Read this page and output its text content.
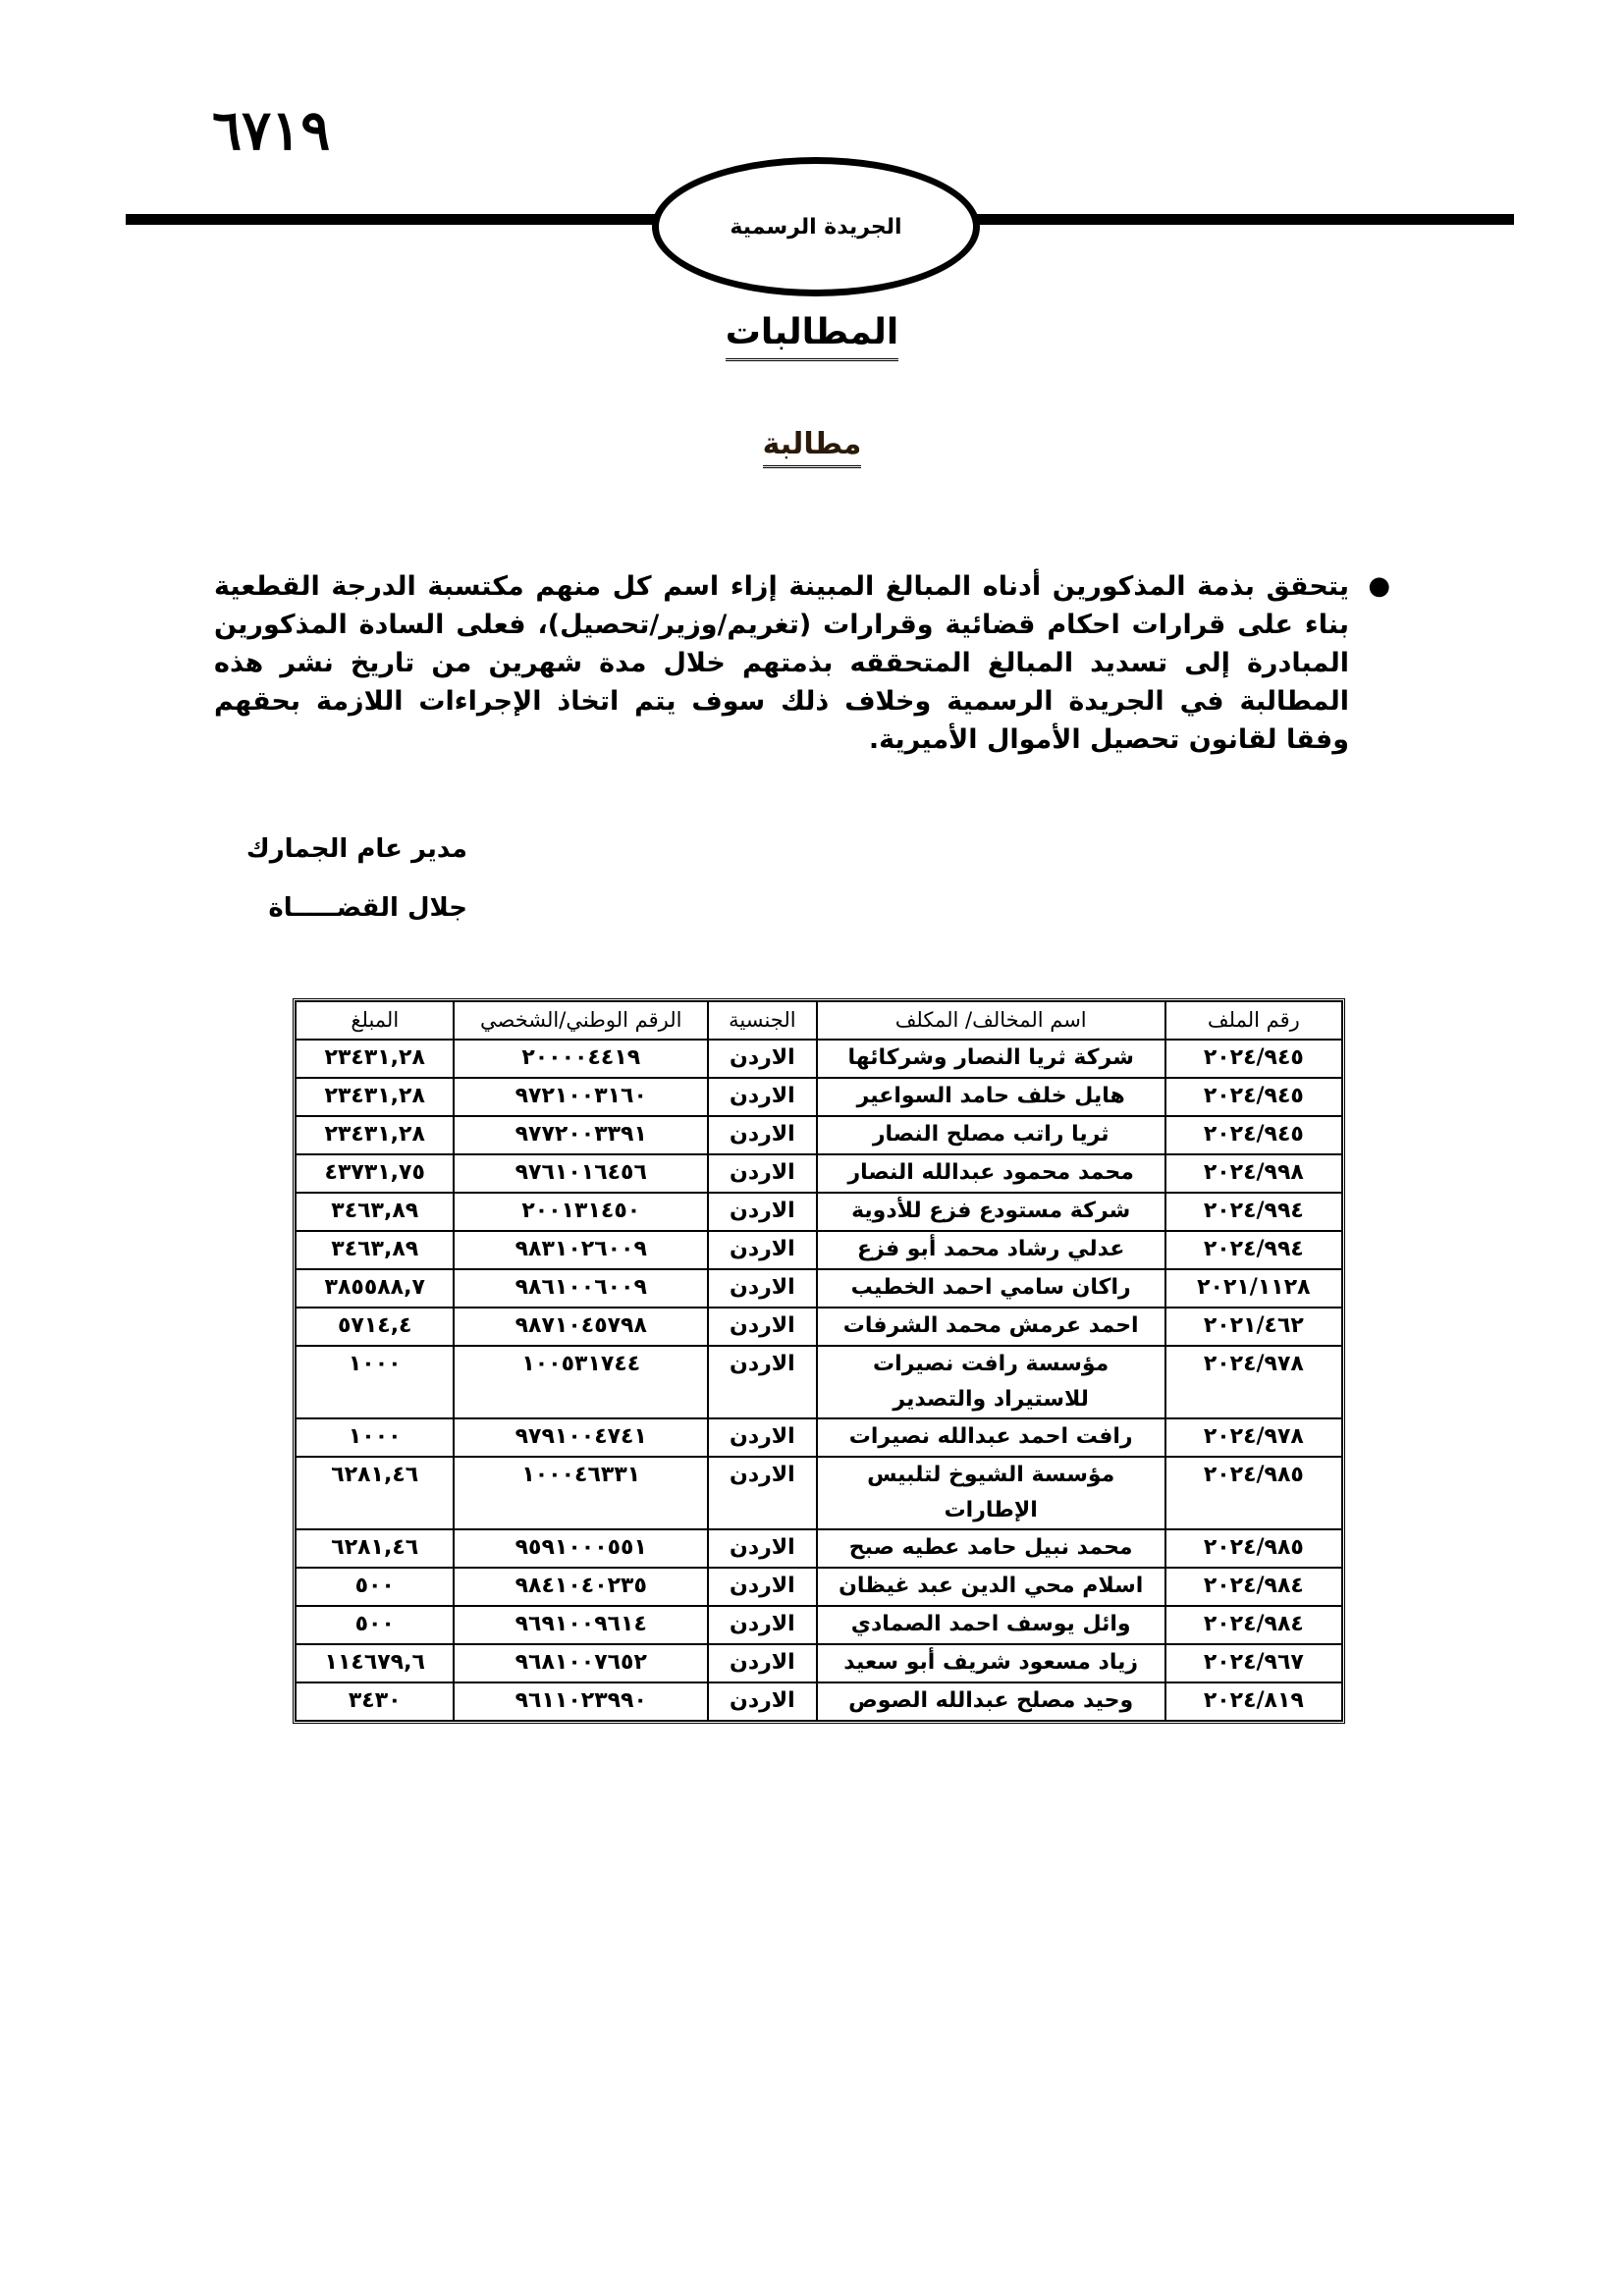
٦٧١٩
الجريدة الرسمية
المطالبات
مطالبة
●
يتحقق بذمة المذكورين أدناه المبالغ المبينة إزاء اسم كل منهم مكتسبة الدرجة القطعية بناء على قرارات احكام قضائية وقرارات (تغريم/وزير/تحصيل)، فعلى السادة المذكورين المبادرة إلى تسديد المبالغ المتحققه بذمتهم خلال مدة شهرين من تاريخ نشر هذه المطالبة في الجريدة الرسمية وخلاف ذلك سوف يتم اتخاذ الإجراءات اللازمة بحقهم وفقا لقانون تحصيل الأموال الأميرية.
مدير عام الجمارك
جلال القضـــــاة
رقم الملف	اسم المخالف/ المكلف	الجنسية	الرقم الوطني/الشخصي	المبلغ
٢٠٢٤/٩٤٥	شركة ثريا النصار وشركائها	الاردن	٢٠٠٠٠٤٤١٩	٢٣٤٣١,٢٨
٢٠٢٤/٩٤٥	هايل خلف حامد السواعير	الاردن	٩٧٢١٠٠٣١٦٠	٢٣٤٣١,٢٨
٢٠٢٤/٩٤٥	ثريا راتب مصلح النصار	الاردن	٩٧٧٢٠٠٣٣٩١	٢٣٤٣١,٢٨
٢٠٢٤/٩٩٨	محمد محمود عبدالله النصار	الاردن	٩٧٦١٠١٦٤٥٦	٤٣٧٣١,٧٥
٢٠٢٤/٩٩٤	شركة مستودع فزع للأدوية	الاردن	٢٠٠١٣١٤٥٠	٣٤٦٣,٨٩
٢٠٢٤/٩٩٤	عدلي رشاد محمد أبو فزع	الاردن	٩٨٣١٠٢٦٠٠٩	٣٤٦٣,٨٩
٢٠٢١/١١٢٨	راكان سامي احمد الخطيب	الاردن	٩٨٦١٠٠٦٠٠٩	٣٨٥٥٨٨,٧
٢٠٢١/٤٦٢	احمد عرمش محمد الشرفات	الاردن	٩٨٧١٠٤٥٧٩٨	٥٧١٤,٤
٢٠٢٤/٩٧٨	مؤسسة رافت نصيرات للاستيراد والتصدير	الاردن	١٠٠٥٣١٧٤٤	١٠٠٠
٢٠٢٤/٩٧٨	رافت احمد عبدالله نصيرات	الاردن	٩٧٩١٠٠٤٧٤١	١٠٠٠
٢٠٢٤/٩٨٥	مؤسسة الشيوخ لتلبيس الإطارات	الاردن	١٠٠٠٤٦٣٣١	٦٢٨١,٤٦
٢٠٢٤/٩٨٥	محمد نبيل حامد عطيه صبح	الاردن	٩٥٩١٠٠٠٥٥١	٦٢٨١,٤٦
٢٠٢٤/٩٨٤	اسلام محي الدين عبد غيظان	الاردن	٩٨٤١٠٤٠٢٣٥	٥٠٠
٢٠٢٤/٩٨٤	وائل يوسف احمد الصمادي	الاردن	٩٦٩١٠٠٩٦١٤	٥٠٠
٢٠٢٤/٩٦٧	زياد مسعود شريف أبو سعيد	الاردن	٩٦٨١٠٠٧٦٥٢	١١٤٦٧٩,٦
٢٠٢٤/٨١٩	وحيد مصلح عبدالله الصوص	الاردن	٩٦١١٠٢٣٩٩٠	٣٤٣٠
